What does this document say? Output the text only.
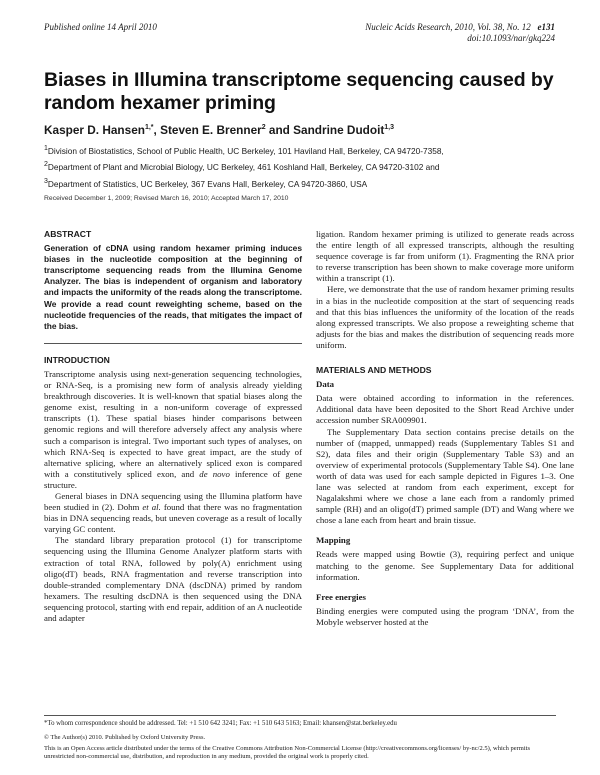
Published online 14 April 2010	Nucleic Acids Research, 2010, Vol. 38, No. 12 e131
doi:10.1093/nar/gkq224
Biases in Illumina transcriptome sequencing caused by random hexamer priming
Kasper D. Hansen$^{1,*}$, Steven E. Brenner$^2$ and Sandrine Dudoit$^{1,3}$
$^1$Division of Biostatistics, School of Public Health, UC Berkeley, 101 Haviland Hall, Berkeley, CA 94720-7358,
$^2$Department of Plant and Microbial Biology, UC Berkeley, 461 Koshland Hall, Berkeley, CA 94720-3102 and
$^3$Department of Statistics, UC Berkeley, 367 Evans Hall, Berkeley, CA 94720-3860, USA
Received December 1, 2009; Revised March 16, 2010; Accepted March 17, 2010
ABSTRACT

Generation of cDNA using random hexamer priming induces biases in the nucleotide composition at the beginning of transcriptome sequencing reads from the Illumina Genome Analyzer. The bias is independent of organism and laboratory and impacts the uniformity of the reads along the transcriptome. We provide a read count reweighting scheme, based on the nucleotide frequencies of the reads, that mitigates the impact of the bias.

INTRODUCTION

Transcriptome analysis using next-generation sequencing technologies, or RNA-Seq, is a promising new form of analysis already yielding breakthrough discoveries. It is well-known that spatial biases along the genome exist, resulting in a non-uniform coverage of expressed transcripts (1). These spatial biases hinder comparisons between genomic regions and will therefore adversely affect any analysis where such a comparison is integral. Two important such types of analyses, on which RNA-Seq is expected to have great impact, are the study of alternative splicing, where an alternatively spliced exon is compared with a constitutively spliced exon, and de novo inference of gene structure.

General biases in DNA sequencing using the Illumina platform have been studied in (2). Dohm et al. found that there was no fragmentation bias in DNA sequencing reads, but uneven coverage as a result of locally varying GC content.

The standard library preparation protocol (1) for transcriptome sequencing using the Illumina Genome Analyzer platform starts with extraction of total RNA, followed by poly(A) enrichment using oligo(dT) beads, RNA fragmentation and reverse transcription into double-stranded complementary DNA (dscDNA) primed by random hexamers. The resulting dscDNA is then sequenced using the DNA sequencing protocol, starting with end repair, addition of an A nucleotide and adapter

ligation. Random hexamer priming is utilized to generate reads across the entire length of all expressed transcripts, although the resulting sequence coverage is far from uniform (1). Fragmenting the RNA prior to reverse transcription has been shown to make coverage more uniform within a transcript (1).

Here, we demonstrate that the use of random hexamer priming results in a bias in the nucleotide composition at the start of sequencing reads and that this bias influences the uniformity of the location of the reads along expressed transcripts. We also propose a reweighting scheme that adjusts for the bias and makes the distribution of sequencing reads more uniform.

MATERIALS AND METHODS
Data

Data were obtained according to information in the references. Additional data have been deposited to the Short Read Archive under accession number SRA009901.

The Supplementary Data section contains precise details on the number of (mapped, unmapped) reads (Supplementary Tables S1 and S2), data files and their origin (Supplementary Table S3) and an overview of experimental protocols (Supplementary Table S4). One lane worth of data was used for each sample depicted in Figures 1–3. One lane was selected at random from each experiment, except for Nagalakshmi where we chose a lane each from a randomly primed sample (RH) and an oligo(dT) primed sample (DT) and Wang where we chose a lane each from heart and brain tissue.

Mapping

Reads were mapped using Bowtie (3), requiring perfect and unique matching to the genome. See Supplementary Data for additional information.

Free energies

Binding energies were computed using the program ‘DNA’, from the Mobyle webserver hosted at the

*To whom correspondence should be addressed. Tel: +1 510 642 3241; Fax: +1 510 643 5163; Email: khansen@stat.berkeley.edu
© The Author(s) 2010. Published by Oxford University Press.
This is an Open Access article distributed under the terms of the Creative Commons Attribution Non-Commercial License (http://creativecommons.org/licenses/ by-nc/2.5), which permits unrestricted non-commercial use, distribution, and reproduction in any medium, provided the original work is properly cited.
